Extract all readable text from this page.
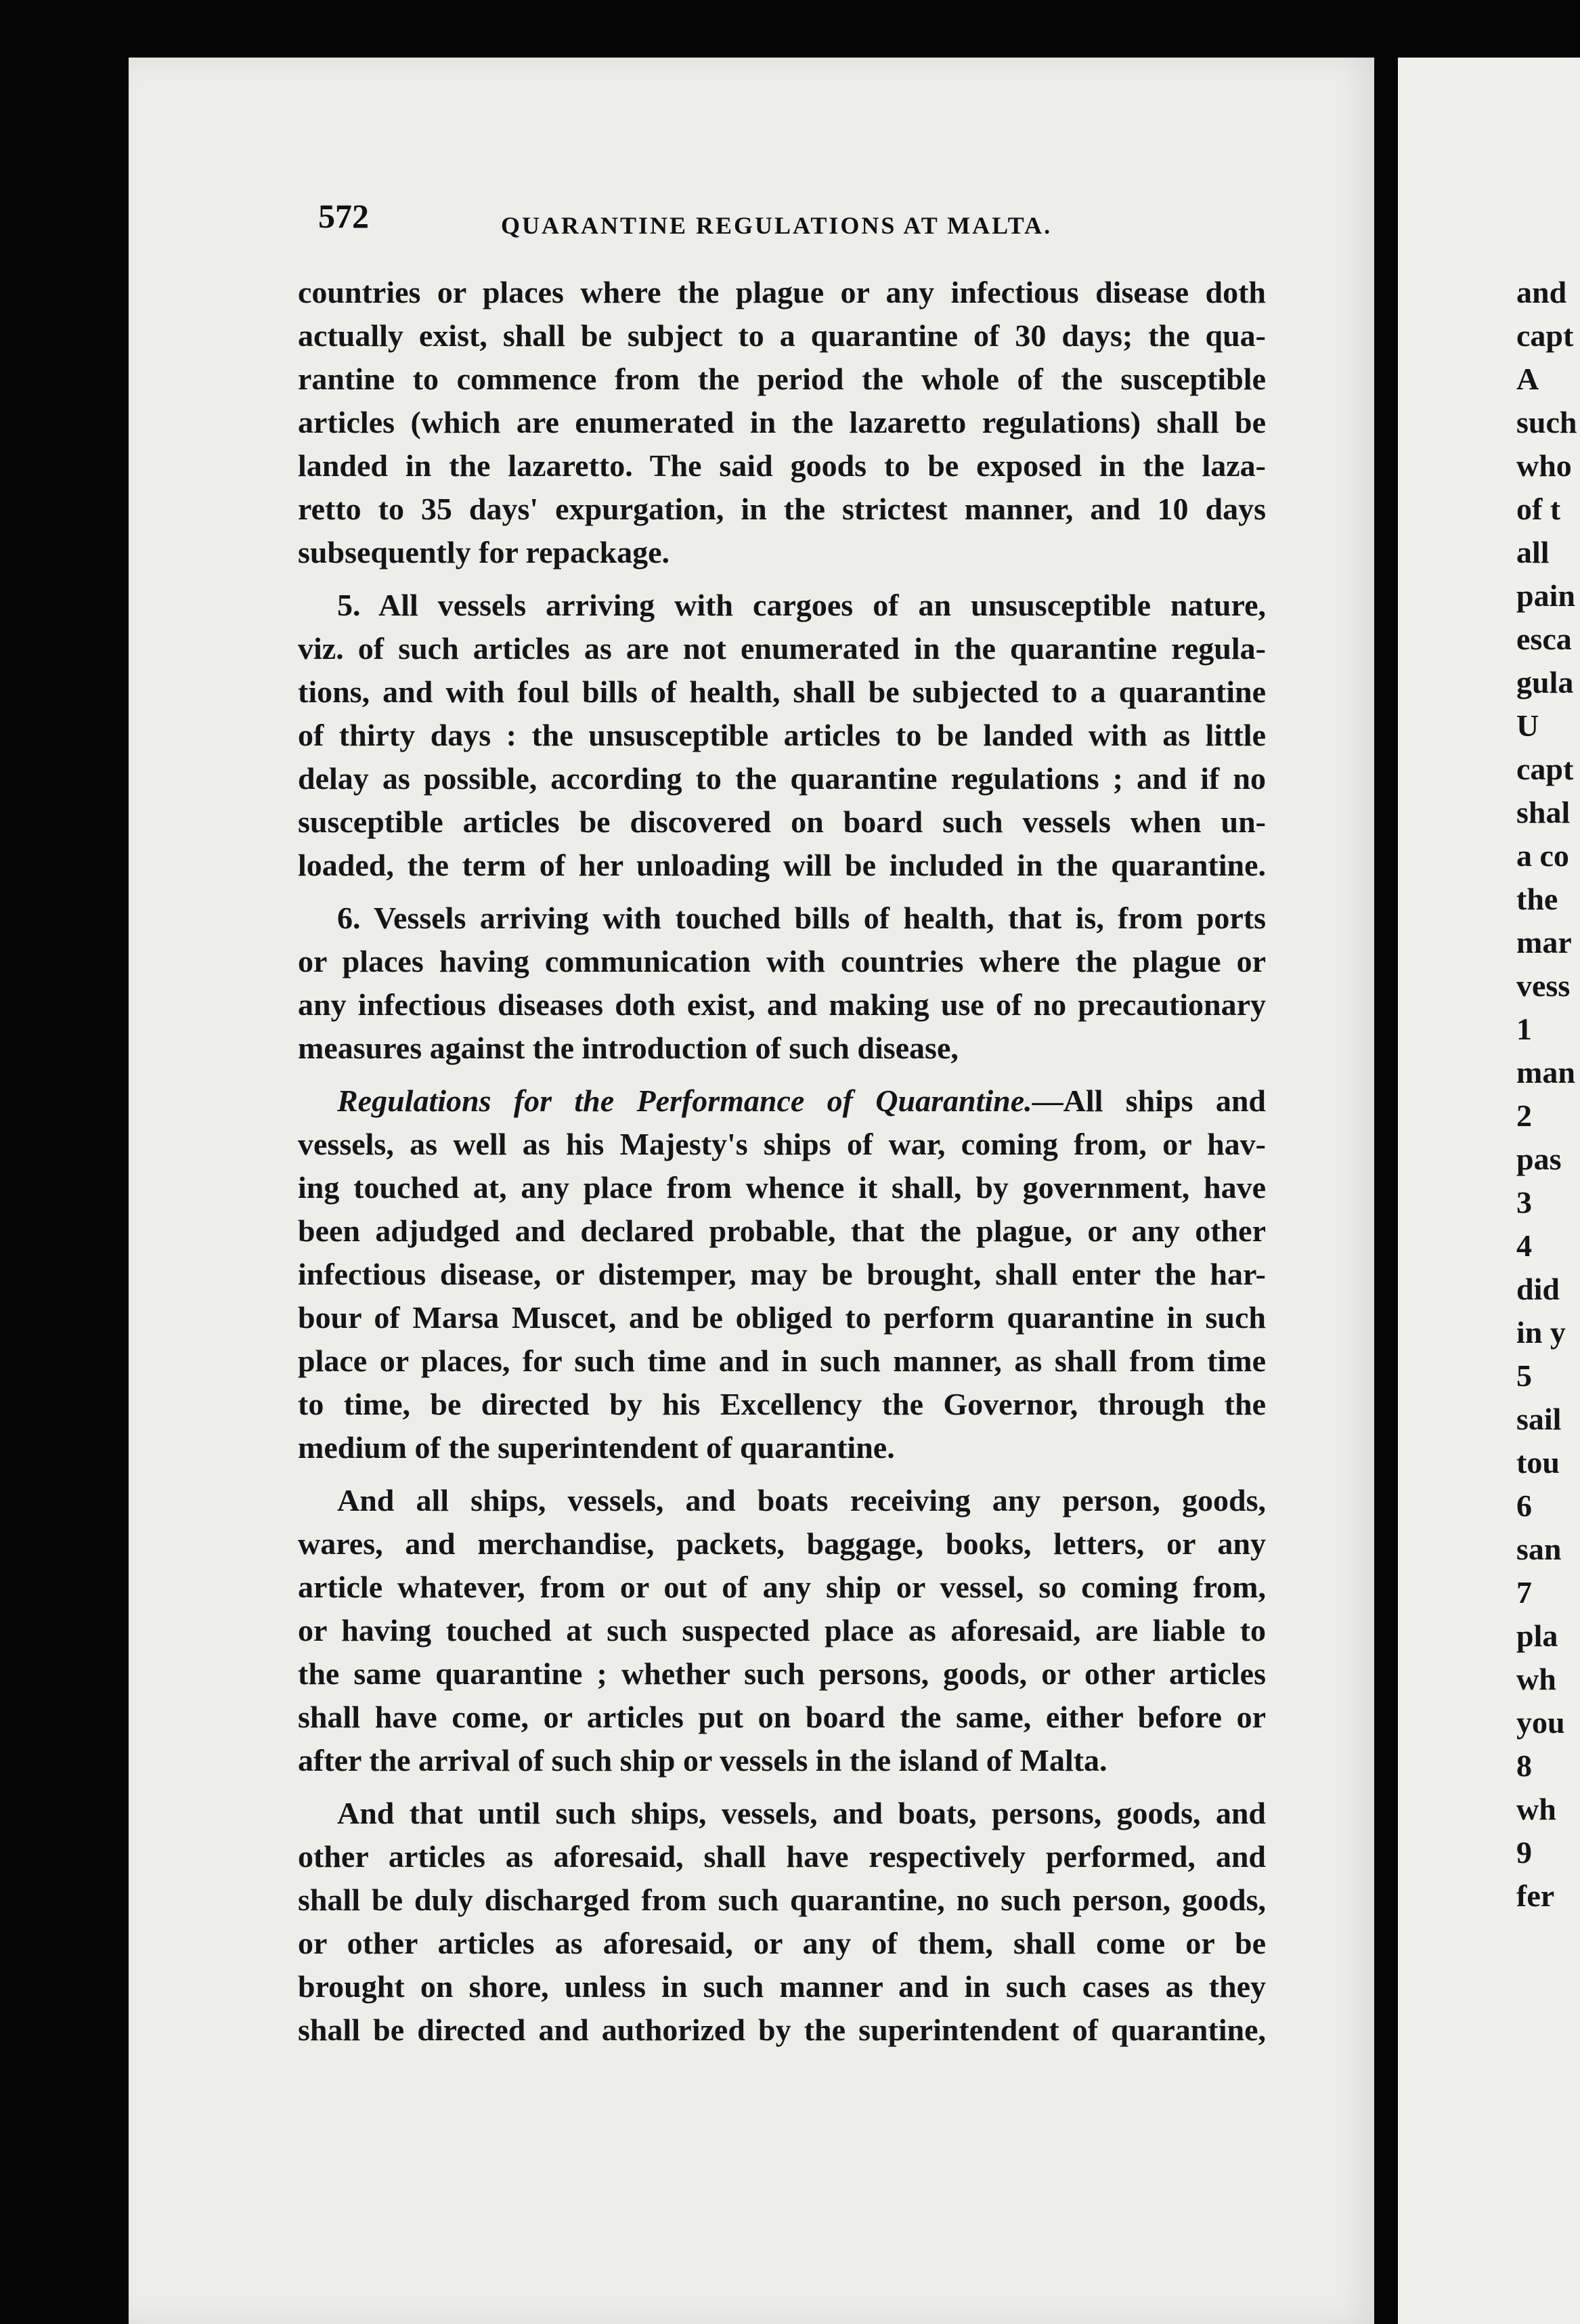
572	QUARANTINE REGULATIONS AT MALTA.
countries or places where the plague or any infectious disease doth
actually exist, shall be subject to a quarantine of 30 days; the qua-
rantine to commence from the period the whole of the susceptible
articles (which are enumerated in the lazaretto regulations) shall be
landed in the lazaretto. The said goods to be exposed in the laza-
retto to 35 days' expurgation, in the strictest manner, and 10 days
subsequently for repackage.
5. All vessels arriving with cargoes of an unsusceptible nature,
viz. of such articles as are not enumerated in the quarantine regula-
tions, and with foul bills of health, shall be subjected to a quarantine
of thirty days : the unsusceptible articles to be landed with as little
delay as possible, according to the quarantine regulations ; and if no
susceptible articles be discovered on board such vessels when un-
loaded, the term of her unloading will be included in the quarantine.
6. Vessels arriving with touched bills of health, that is, from ports
or places having communication with countries where the plague or
any infectious diseases doth exist, and making use of no precautionary
measures against the introduction of such disease,
Regulations for the Performance of Quarantine.—All ships and
vessels, as well as his Majesty's ships of war, coming from, or hav-
ing touched at, any place from whence it shall, by government, have
been adjudged and declared probable, that the plague, or any other
infectious disease, or distemper, may be brought, shall enter the har-
bour of Marsa Muscet, and be obliged to perform quarantine in such
place or places, for such time and in such manner, as shall from time
to time, be directed by his Excellency the Governor, through the
medium of the superintendent of quarantine.
And all ships, vessels, and boats receiving any person, goods,
wares, and merchandise, packets, baggage, books, letters, or any
article whatever, from or out of any ship or vessel, so coming from,
or having touched at such suspected place as aforesaid, are liable to
the same quarantine ; whether such persons, goods, or other articles
shall have come, or articles put on board the same, either before or
after the arrival of such ship or vessels in the island of Malta.
And that until such ships, vessels, and boats, persons, goods, and
other articles as aforesaid, shall have respectively performed, and
shall be duly discharged from such quarantine, no such person, goods,
or other articles as aforesaid, or any of them, shall come or be
brought on shore, unless in such manner and in such cases as they
shall be directed and authorized by the superintendent of quarantine,
and
capt
A
such
who
of t
all
pain
esca
gula
U
capt
shal
a co
the
mar
vess
1
man
2
pas
3
4
did
in y
5
sail
tou
6
san
7
pla
wh
you
8
wh
9
fer
